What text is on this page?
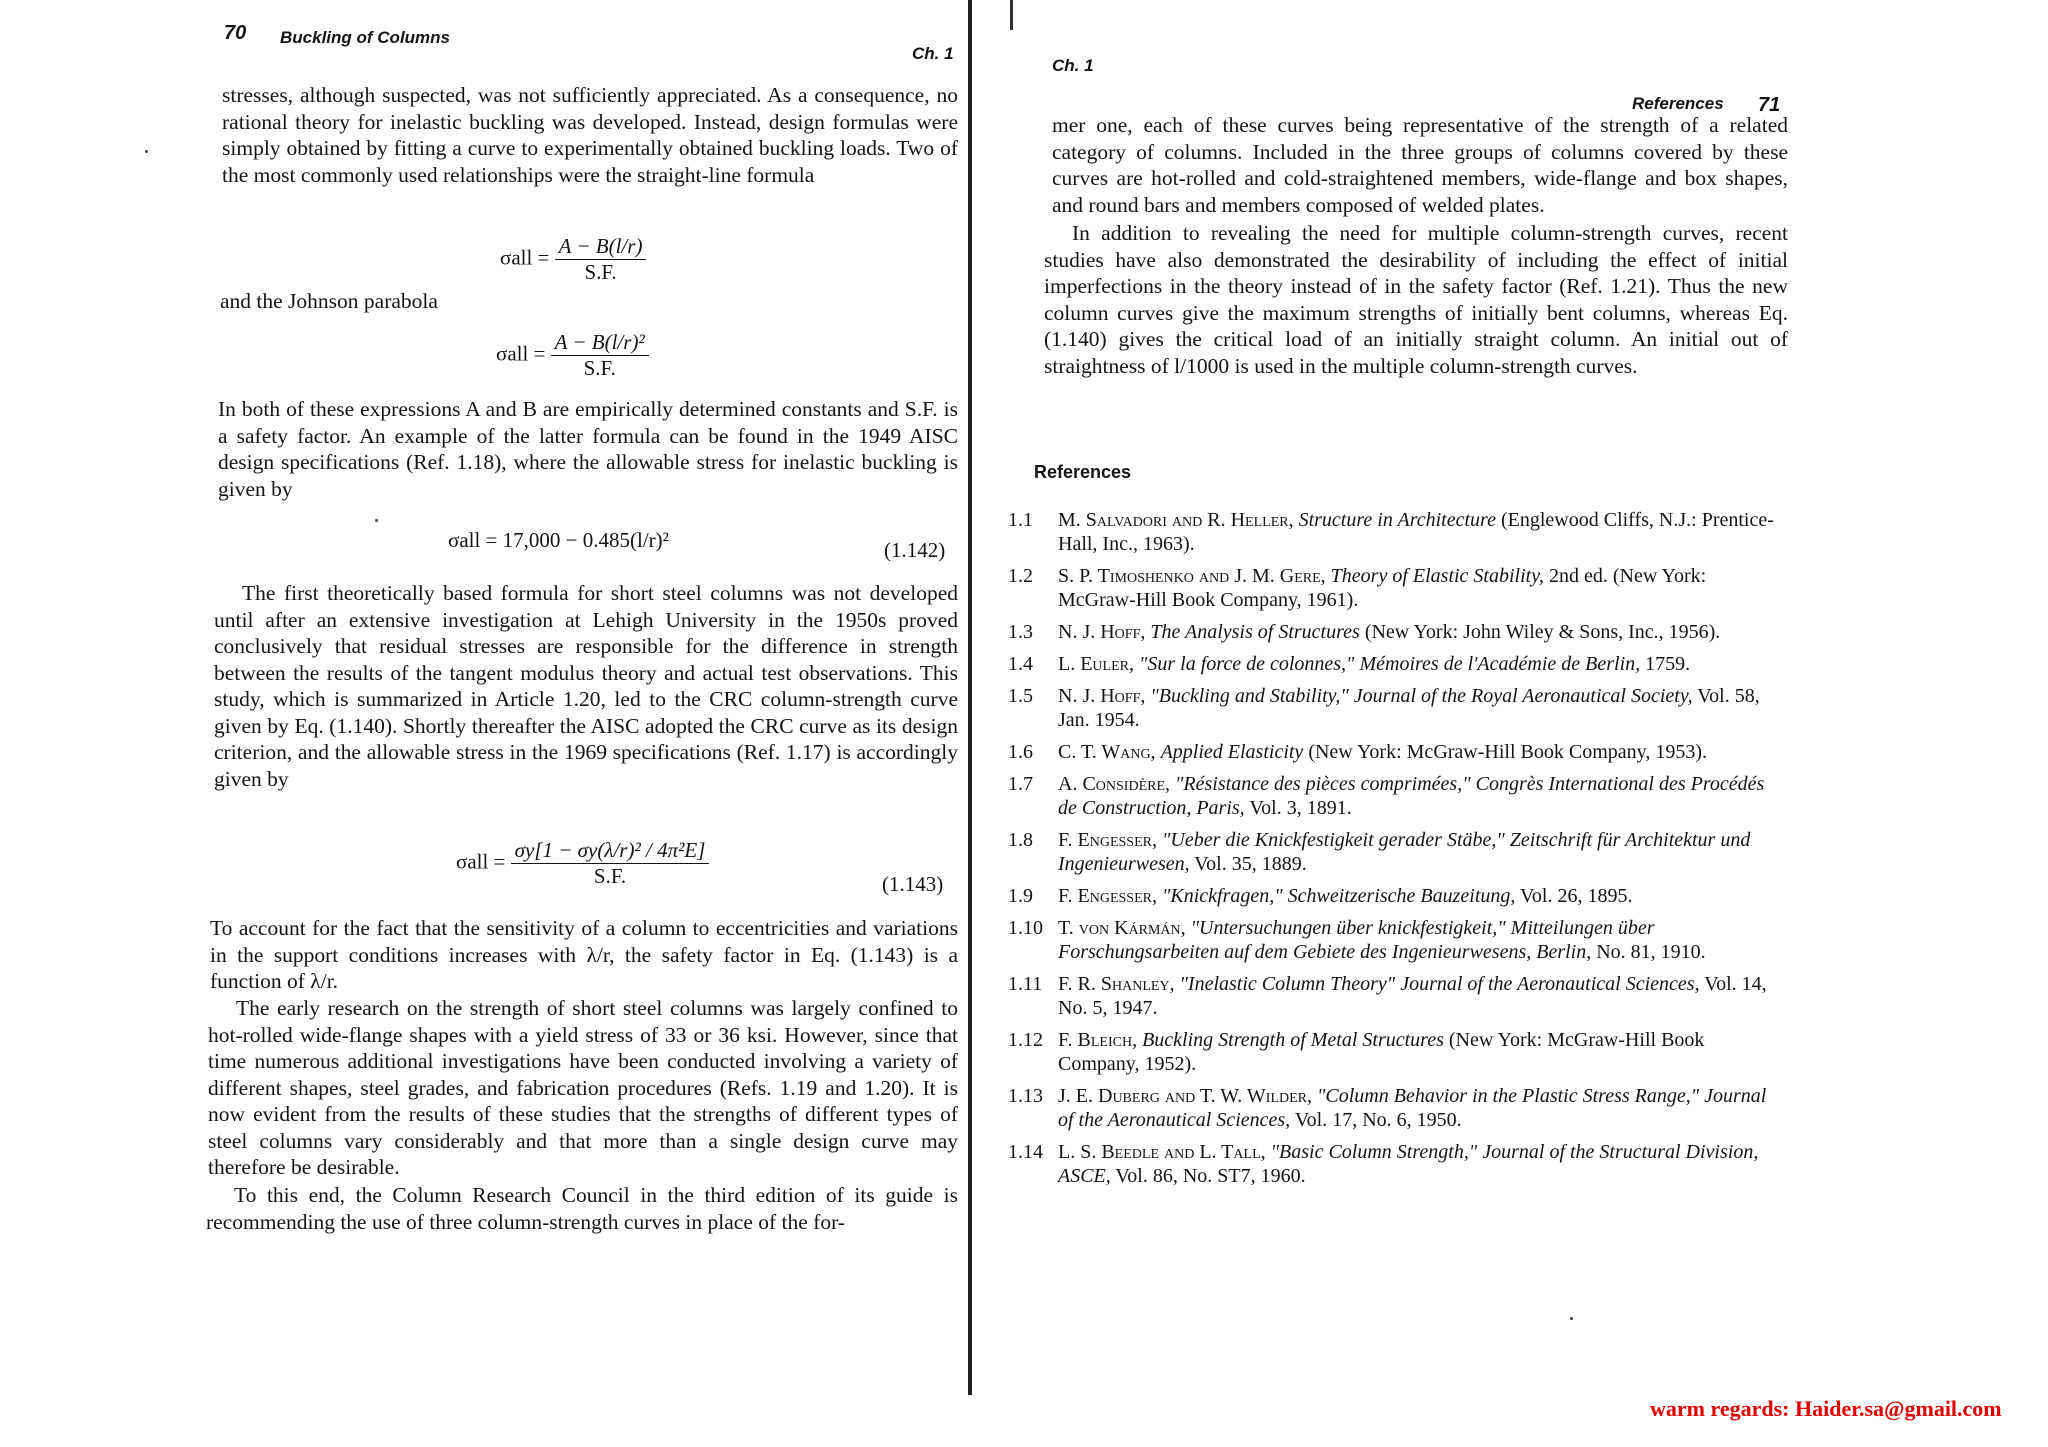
70 Buckling of Columns
Ch. 1

stresses, although suspected, was not sufficiently appreciated. As a consequence, no rational theory for inelastic buckling was developed. Instead, design formulas were simply obtained by fitting a curve to experimentally obtained buckling loads. Two of the most commonly used relationships were the straight-line formula

$\sigma all = \frac{A - B(l/r)}{S.F.}$

and the Johnson parabola

$\sigma all = \frac{\text{A − B(l/r)²}}{S.F.}$

In both of these expressions A and B are empirically determined constants and S.F. is a safety factor. An example of the latter formula can be found in the 1949 AISC design specifications (Ref. 1.18), where the allowable stress for inelastic buckling is given by

σall = 17,000 − 0.485(l/r)²	(1.142)

The first theoretically based formula for short steel columns was not developed until after an extensive investigation at Lehigh University in the 1950s proved conclusively that residual stresses are responsible for the difference in strength between the results of the tangent modulus theory and actual test observations. This study, which is summarized in Article 1.20, led to the CRC column-strength curve given by Eq. (1.140). Shortly thereafter the AISC adopted the CRC curve as its design criterion, and the allowable stress in the 1969 specifications (Ref. 1.17) is accordingly given by

$\sigma all = \frac{\text{σy[1 − σy(λ/r)² / 4π²E]}}{S.F.}$	(1.143)

To account for the fact that the sensitivity of a column to eccentricities and variations in the support conditions increases with λ/r, the safety factor in Eq. (1.143) is a function of λ/r.

The early research on the strength of short steel columns was largely confined to hot-rolled wide-flange shapes with a yield stress of 33 or 36 ksi. However, since that time numerous additional investigations have been conducted involving a variety of different shapes, steel grades, and fabrication procedures (Refs. 1.19 and 1.20). It is now evident from the results of these studies that the strengths of different types of steel columns vary considerably and that more than a single design curve may therefore be desirable.

To this end, the Column Research Council in the third edition of its guide is recommending the use of three column-strength curves in place of the for-

Ch. 1
References 71

mer one, each of these curves being representative of the strength of a related category of columns. Included in the three groups of columns covered by these curves are hot-rolled and cold-straightened members, wide-flange and box shapes, and round bars and members composed of welded plates.

In addition to revealing the need for multiple column-strength curves, recent studies have also demonstrated the desirability of including the effect of initial imperfections in the theory instead of in the safety factor (Ref. 1.21). Thus the new column curves give the maximum strengths of initially bent columns, whereas Eq. (1.140) gives the critical load of an initially straight column. An initial out of straightness of l/1000 is used in the multiple column-strength curves.

References
1.1	M. Salvadori and R. Heller, Structure in Architecture (Englewood Cliffs, N.J.: Prentice-Hall, Inc., 1963).
1.2	S. P. Timoshenko and J. M. Gere, Theory of Elastic Stability, 2nd ed. (New York: McGraw-Hill Book Company, 1961).
1.3	N. J. Hoff, The Analysis of Structures (New York: John Wiley & Sons, Inc., 1956).
1.4	L. Euler, "Sur la force de colonnes," Mémoires de l'Académie de Berlin, 1759.
1.5	N. J. Hoff, "Buckling and Stability," Journal of the Royal Aeronautical Society, Vol. 58, Jan. 1954.
1.6	C. T. Wang, Applied Elasticity (New York: McGraw-Hill Book Company, 1953).
1.7	A. Considère, "Résistance des pièces comprimées," Congrès International des Procédés de Construction, Paris, Vol. 3, 1891.
1.8	F. Engesser, "Ueber die Knickfestigkeit gerader Stäbe," Zeitschrift für Architektur und Ingenieurwesen, Vol. 35, 1889.
1.9	F. Engesser, "Knickfragen," Schweitzerische Bauzeitung, Vol. 26, 1895.
1.10 T. von Kármán, "Untersuchungen über knickfestigkeit," Mitteilungen über Forschungsarbeiten auf dem Gebiete des Ingenieurwesens, Berlin, No. 81, 1910.
1.11 F. R. Shanley, "Inelastic Column Theory" Journal of the Aeronautical Sciences, Vol. 14, No. 5, 1947.
1.12 F. Bleich, Buckling Strength of Metal Structures (New York: McGraw-Hill Book Company, 1952).
1.13 J. E. Duberg and T. W. Wilder, "Column Behavior in the Plastic Stress Range," Journal of the Aeronautical Sciences, Vol. 17, No. 6, 1950.
1.14 L. S. Beedle and L. Tall, "Basic Column Strength," Journal of the Structural Division, ASCE, Vol. 86, No. ST7, 1960.
warm regards: Haider.sa@gmail.com
